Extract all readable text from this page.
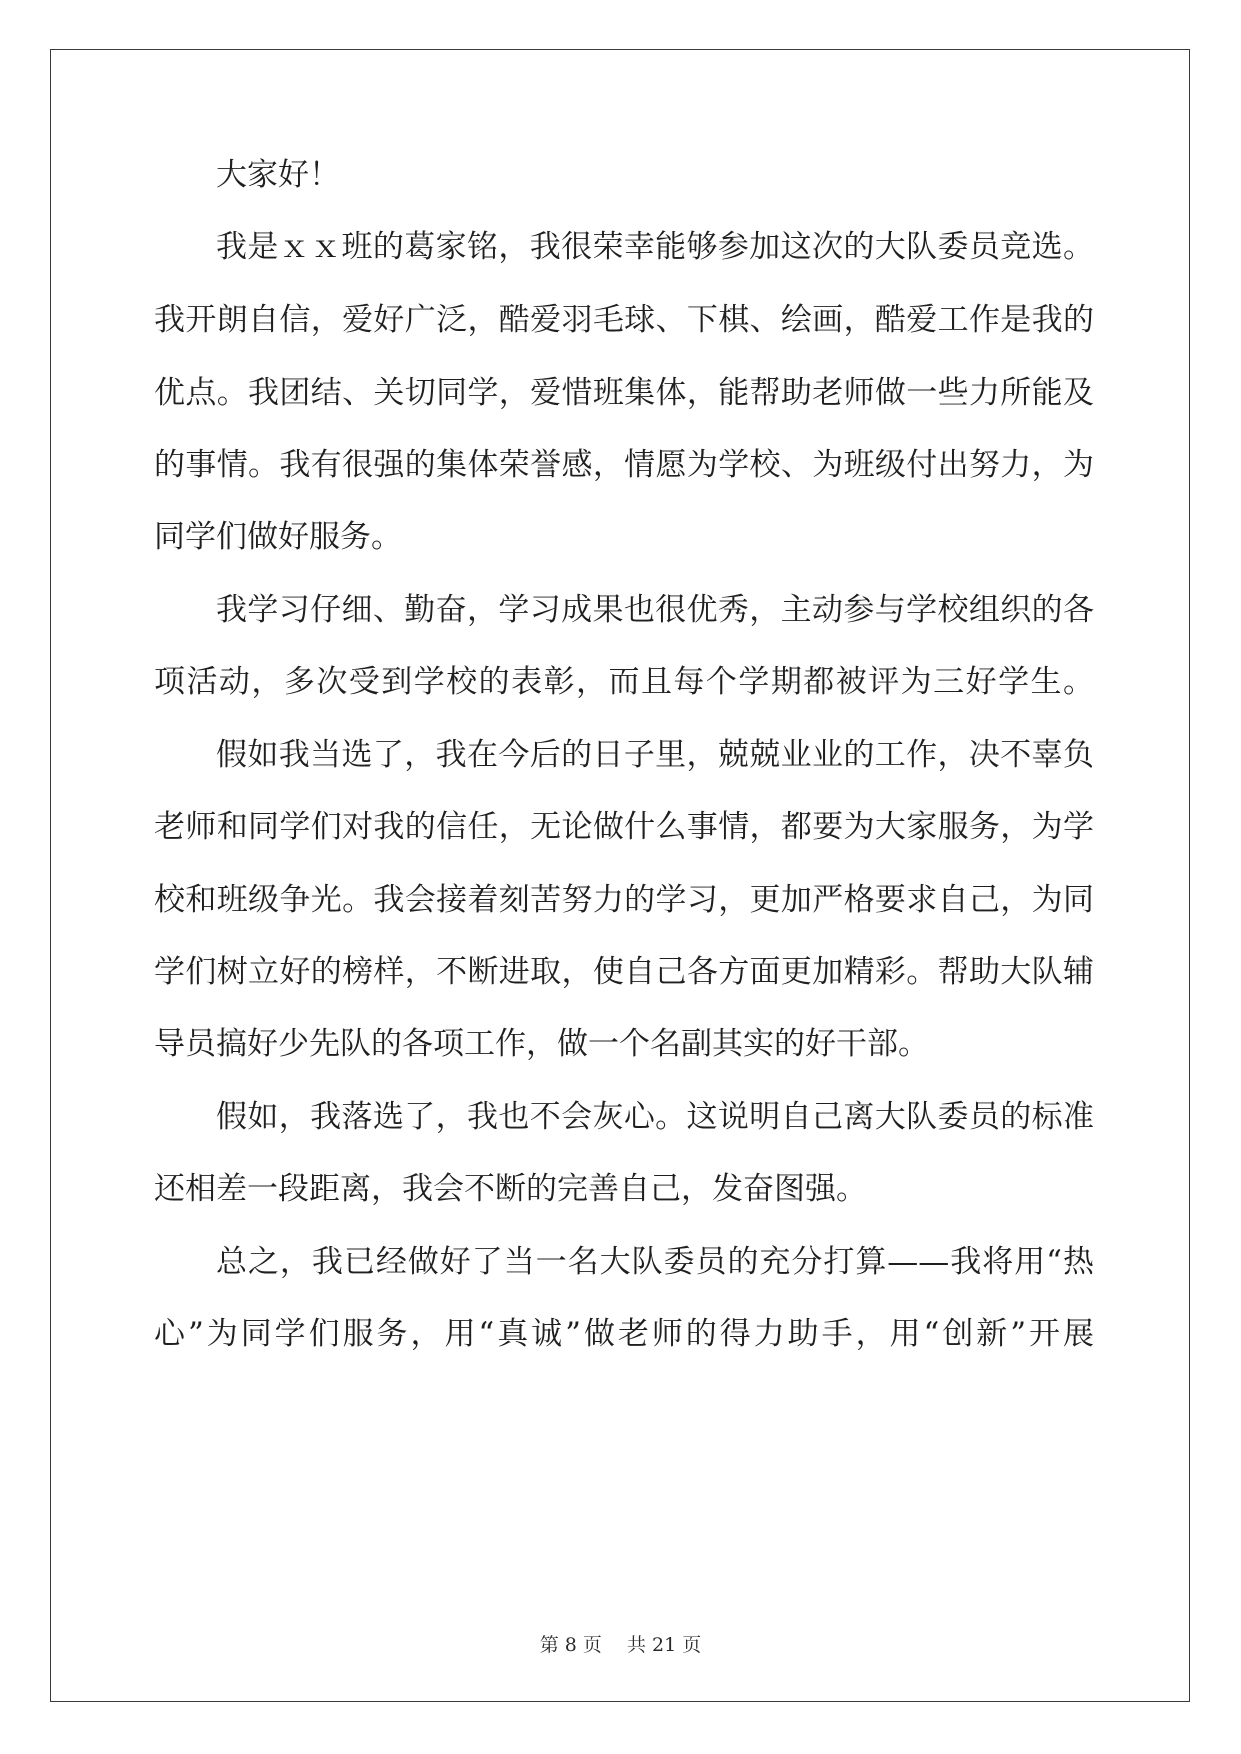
大家好！

我是ｘｘ班的葛家铭，我很荣幸能够参加这次的大队委员竞选。

我开朗自信，爱好广泛，酷爱羽毛球、下棋、绘画，酷爱工作是我的

优点。我团结、关切同学，爱惜班集体，能帮助老师做一些力所能及

的事情。我有很强的集体荣誉感，情愿为学校、为班级付出努力，为

同学们做好服务。

我学习仔细、勤奋，学习成果也很优秀，主动参与学校组织的各

项活动，多次受到学校的表彰，而且每个学期都被评为三好学生。

假如我当选了，我在今后的日子里，兢兢业业的工作，决不辜负

老师和同学们对我的信任，无论做什么事情，都要为大家服务，为学

校和班级争光。我会接着刻苦努力的学习，更加严格要求自己，为同

学们树立好的榜样，不断进取，使自己各方面更加精彩。帮助大队辅

导员搞好少先队的各项工作，做一个名副其实的好干部。

假如，我落选了，我也不会灰心。这说明自己离大队委员的标准

还相差一段距离，我会不断的完善自己，发奋图强。

总之，我已经做好了当一名大队委员的充分打算——我将用“热

心”为同学们服务，用“真诚”做老师的得力助手，用“创新”开展

第 8 页　 共 21 页
